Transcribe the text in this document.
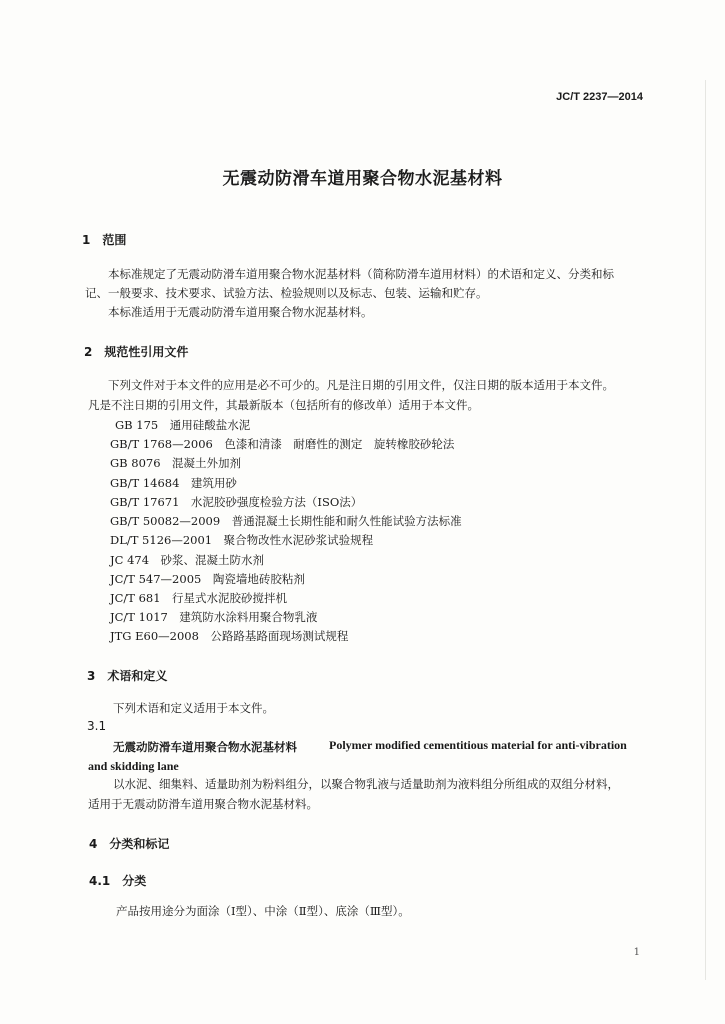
JC/T 2237—2014
无震动防滑车道用聚合物水泥基材料
1　范围
本标准规定了无震动防滑车道用聚合物水泥基材料（简称防滑车道用材料）的术语和定义、分类和标
记、一般要求、技术要求、试验方法、检验规则以及标志、包装、运输和贮存。
本标准适用于无震动防滑车道用聚合物水泥基材料。
2　规范性引用文件
下列文件对于本文件的应用是必不可少的。凡是注日期的引用文件，仅注日期的版本适用于本文件。
凡是不注日期的引用文件，其最新版本（包括所有的修改单）适用于本文件。
GB 175　通用硅酸盐水泥
GB/T 1768—2006　色漆和清漆　耐磨性的测定　旋转橡胶砂轮法
GB 8076　混凝土外加剂
GB/T 14684　建筑用砂
GB/T 17671　水泥胶砂强度检验方法（ISO法）
GB/T 50082—2009　普通混凝土长期性能和耐久性能试验方法标准
DL/T 5126—2001　聚合物改性水泥砂浆试验规程
JC 474　砂浆、混凝土防水剂
JC/T 547—2005　陶瓷墙地砖胶粘剂
JC/T 681　行星式水泥胶砂搅拌机
JC/T 1017　建筑防水涂料用聚合物乳液
JTG E60—2008　公路路基路面现场测试规程
3　术语和定义
下列术语和定义适用于本文件。
3.1
无震动防滑车道用聚合物水泥基材料	Polymer modified cementitious material for anti-vibration
and skidding lane
以水泥、细集料、适量助剂为粉料组分，以聚合物乳液与适量助剂为液料组分所组成的双组分材料，
适用于无震动防滑车道用聚合物水泥基材料。
4　分类和标记
4.1　分类
产品按用途分为面涂（Ⅰ型）、中涂（Ⅱ型）、底涂（Ⅲ型）。
1
